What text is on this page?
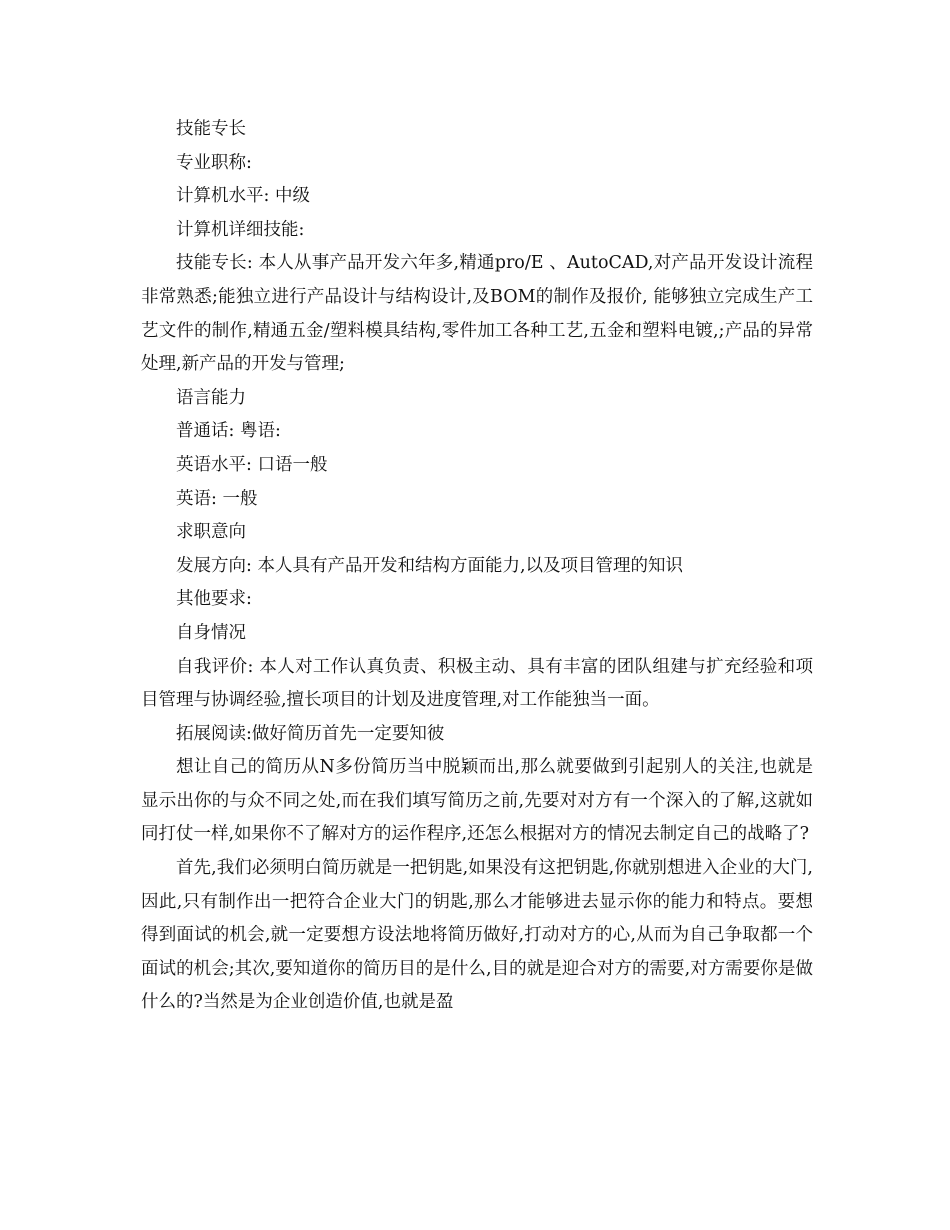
技能专长

专业职称:

计算机水平: 中级

计算机详细技能:

技能专长: 本人从事产品开发六年多,精通pro/E 、AutoCAD,对产品开发设计流程非常熟悉;能独立进行产品设计与结构设计,及BOM的制作及报价, 能够独立完成生产工艺文件的制作,精通五金/塑料模具结构,零件加工各种工艺,五金和塑料电镀,;产品的异常处理,新产品的开发与管理;

语言能力

普通话: 粤语:

英语水平: 口语一般

英语: 一般

求职意向

发展方向: 本人具有产品开发和结构方面能力,以及项目管理的知识

其他要求:

自身情况

自我评价: 本人对工作认真负责、积极主动、具有丰富的团队组建与扩充经验和项目管理与协调经验,擅长项目的计划及进度管理,对工作能独当一面。

拓展阅读:做好简历首先一定要知彼

想让自己的简历从N多份简历当中脱颖而出,那么就要做到引起别人的关注,也就是显示出你的与众不同之处,而在我们填写简历之前,先要对对方有一个深入的了解,这就如同打仗一样,如果你不了解对方的运作程序,还怎么根据对方的情况去制定自己的战略了?

首先,我们必须明白简历就是一把钥匙,如果没有这把钥匙,你就别想进入企业的大门,因此,只有制作出一把符合企业大门的钥匙,那么才能够进去显示你的能力和特点。要想得到面试的机会,就一定要想方设法地将简历做好,打动对方的心,从而为自己争取都一个面试的机会;其次,要知道你的简历目的是什么,目的就是迎合对方的需要,对方需要你是做什么的?当然是为企业创造价值,也就是盈
